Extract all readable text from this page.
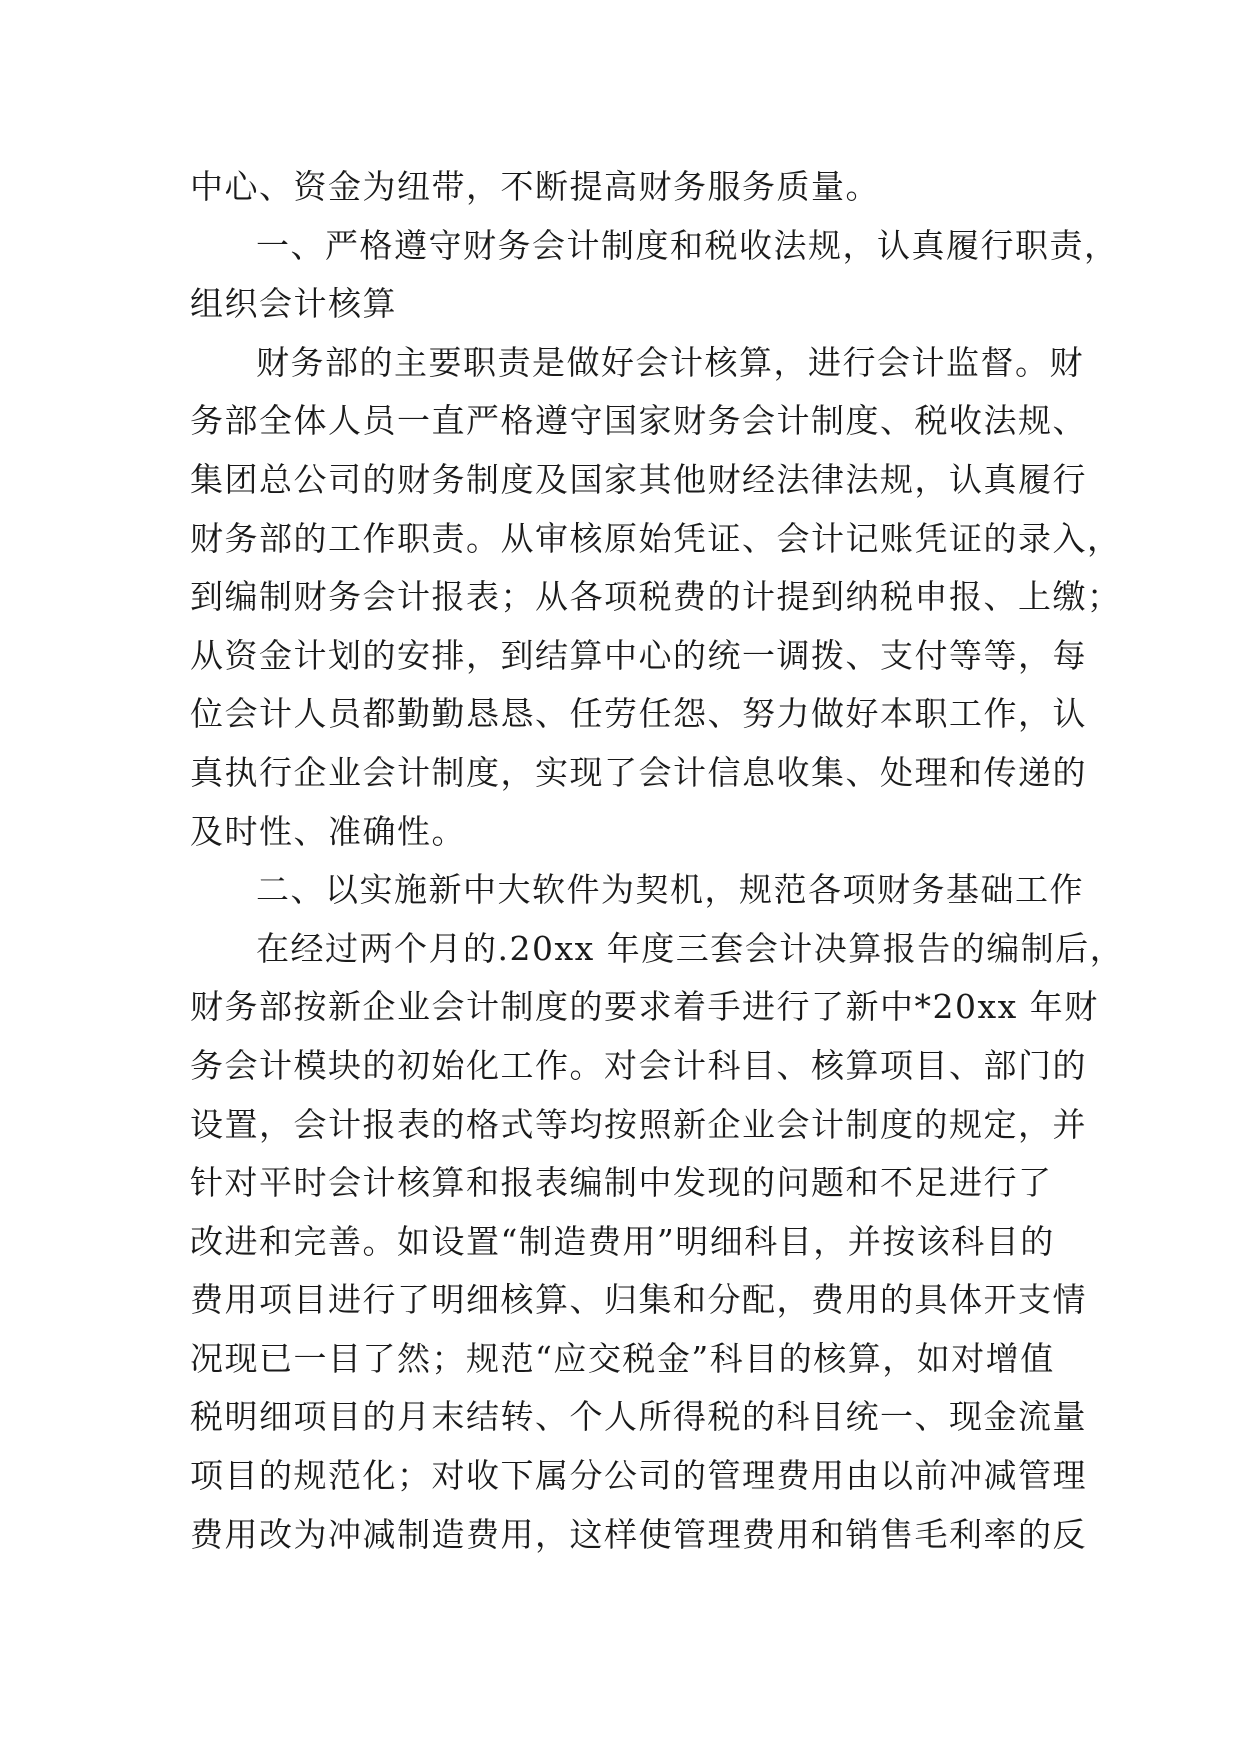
中心、资金为纽带，不断提高财务服务质量。
一、严格遵守财务会计制度和税收法规，认真履行职责，
组织会计核算
财务部的主要职责是做好会计核算，进行会计监督。财
务部全体人员一直严格遵守国家财务会计制度、税收法规、
集团总公司的财务制度及国家其他财经法律法规，认真履行
财务部的工作职责。从审核原始凭证、会计记账凭证的录入，
到编制财务会计报表；从各项税费的计提到纳税申报、上缴；
从资金计划的安排，到结算中心的统一调拨、支付等等，每
位会计人员都勤勤恳恳、任劳任怨、努力做好本职工作，认
真执行企业会计制度，实现了会计信息收集、处理和传递的
及时性、准确性。
二、以实施新中大软件为契机，规范各项财务基础工作
在经过两个月的.20xx 年度三套会计决算报告的编制后，
财务部按新企业会计制度的要求着手进行了新中*20xx 年财
务会计模块的初始化工作。对会计科目、核算项目、部门的
设置，会计报表的格式等均按照新企业会计制度的规定，并
针对平时会计核算和报表编制中发现的问题和不足进行了
改进和完善。如设置“制造费用”明细科目，并按该科目的
费用项目进行了明细核算、归集和分配，费用的具体开支情
况现已一目了然；规范“应交税金”科目的核算，如对增值
税明细项目的月末结转、个人所得税的科目统一、现金流量
项目的规范化；对收下属分公司的管理费用由以前冲减管理
费用改为冲减制造费用，这样使管理费用和销售毛利率的反
